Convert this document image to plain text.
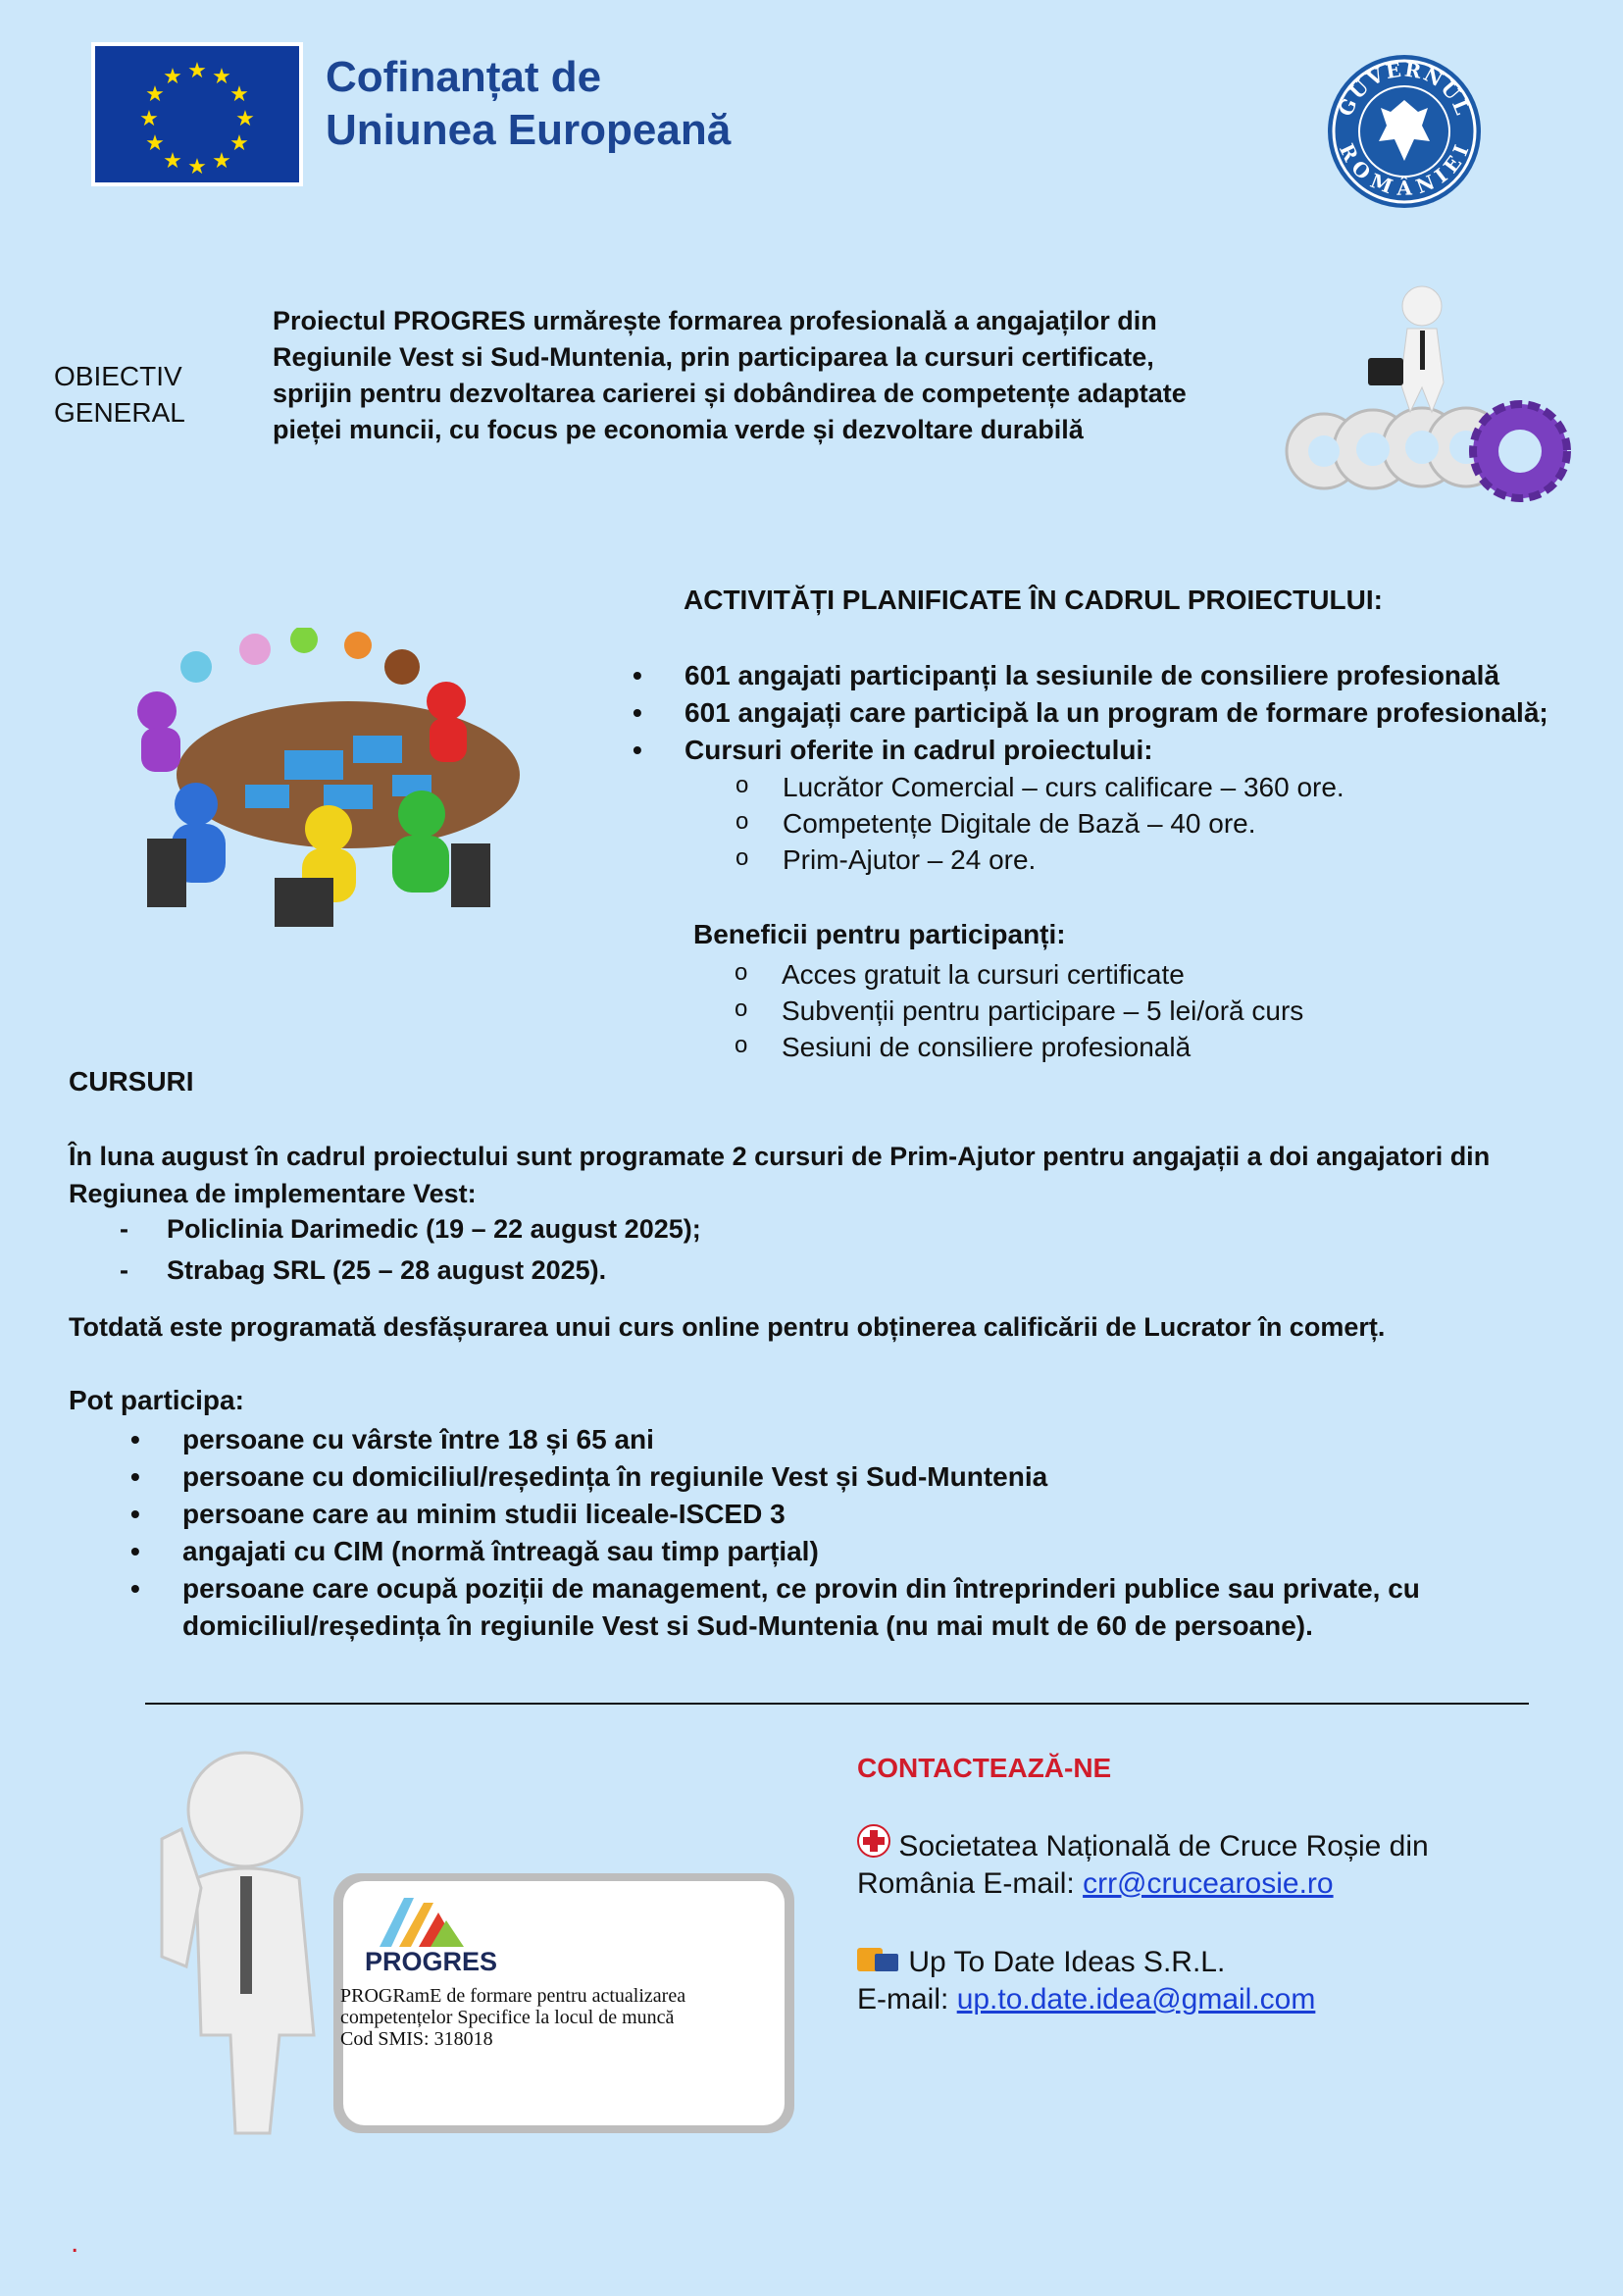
★ ★
★
★
★
★
★
★
★
★
★
★	Cofinanțat de
Uniunea Europeană	GUVERNUL
ROMÂNIEI
OBIECTIV
GENERAL
Proiectul PROGRES urmărește formarea profesională a angajaților din
Regiunile Vest si Sud-Muntenia, prin participarea la cursuri certificate,
sprijin pentru dezvoltarea carierei și dobândirea de competențe adaptate
pieței muncii, cu focus pe economia verde și dezvoltare durabilă
ACTIVITĂȚI PLANIFICATE ÎN CADRUL PROIECTULUI:
• 601 angajati participanți la sesiunile de consiliere profesională
• 601 angajați care participă la un program de formare profesională;
• Cursuri oferite in cadrul proiectului:
o Lucrător Comercial – curs calificare – 360 ore.
o Competențe Digitale de Bază – 40 ore.
o Prim-Ajutor – 24 ore.
Beneficii pentru participanți:
o Acces gratuit la cursuri certificate
o Subvenții pentru participare – 5 lei/oră curs
o Sesiuni de consiliere profesională
CURSURI
În luna august în cadrul proiectului sunt programate 2 cursuri de Prim-Ajutor pentru angajații a doi angajatori din Regiunea de implementare Vest:
- Policlinia Darimedic (19 – 22 august 2025);
- Strabag SRL (25 – 28 august 2025).
Totdată este programată desfășurarea unui curs online pentru obținerea calificării de Lucrator în comerț.
Pot participa:
• persoane cu vârste între 18 și 65 ani
• persoane cu domiciliul/reședința în regiunile Vest și Sud-Muntenia
• persoane care au minim studii liceale-ISCED 3
• angajati cu CIM (normă întreagă sau timp parțial)
• persoane care ocupă poziții de management, ce provin din întreprinderi publice sau private, cu domiciliul/reședința în regiunile Vest si Sud-Muntenia (nu mai mult de 60 de persoane).
PROGRES
PROGRamE de formare pentru actualizarea
competențelor Specifice la locul de muncă
Cod SMIS: 318018
CONTACTEAZĂ-NE
Societatea Națională de Cruce Roșie din
România E-mail: crr@crucearosie.ro
Up To Date Ideas S.R.L.
E-mail: up.to.date.idea@gmail.com
.
